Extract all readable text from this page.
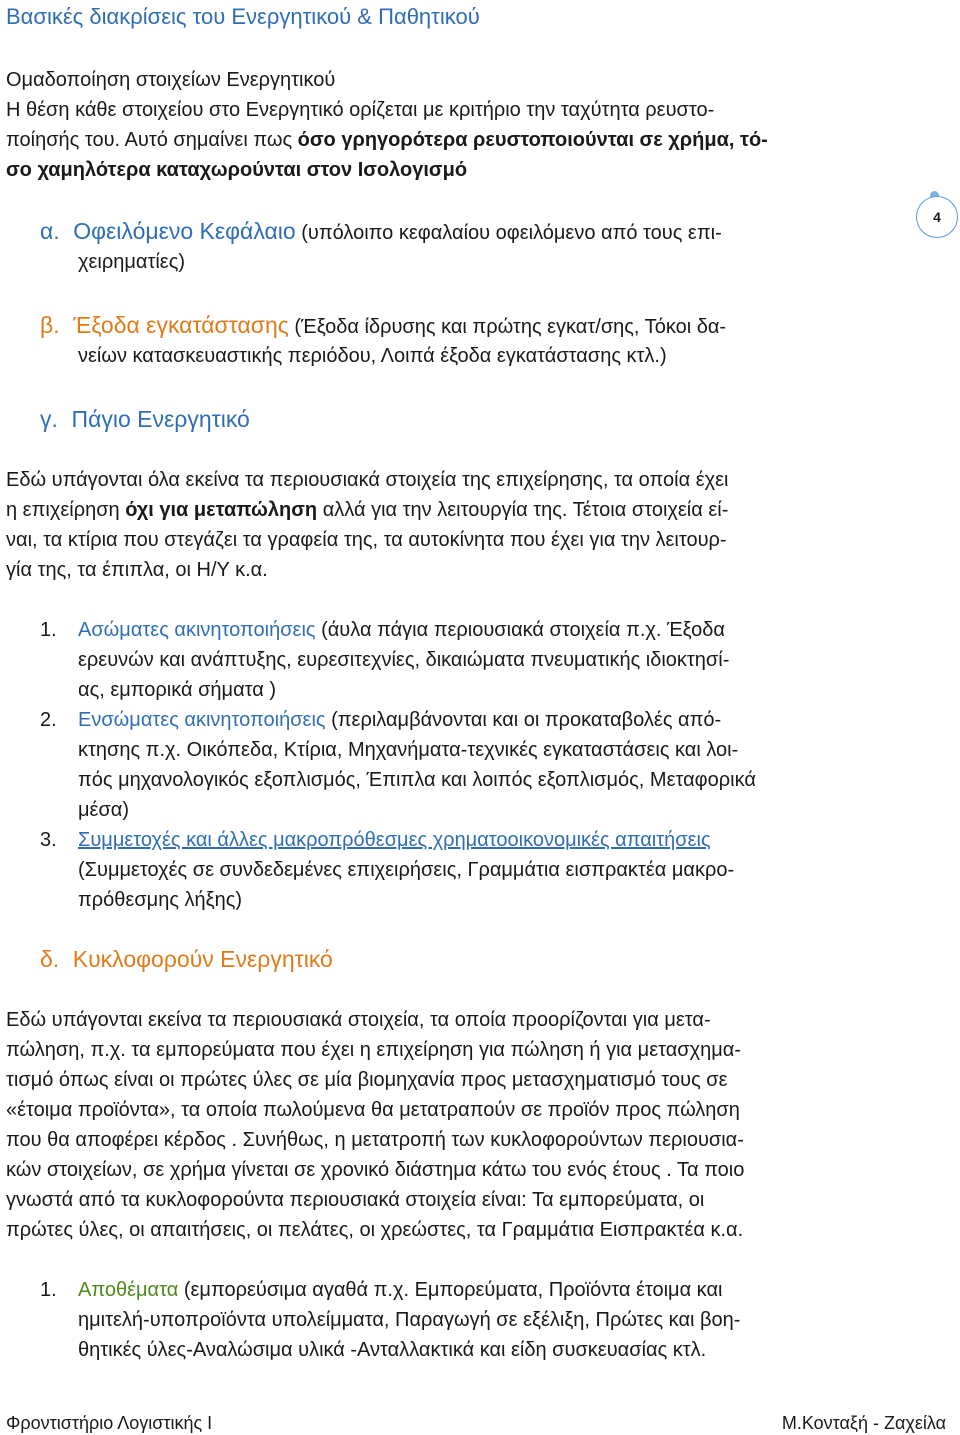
Βασικές διακρίσεις του Ενεργητικού & Παθητικού
4
Ομαδοποίηση στοιχείων Ενεργητικού
Η θέση κάθε στοιχείου στο Ενεργητικό ορίζεται με κριτήριο την ταχύτητα ρευστο-
ποίησής του. Αυτό σημαίνει πως όσο γρηγορότερα ρευστοποιούνται σε χρήμα, τό-
σο χαμηλότερα καταχωρούνται στον Ισολογισμό
α. Οφειλόμενο Κεφάλαιο (υπόλοιπο κεφαλαίου οφειλόμενο από τους επι-
χειρηματίες)
β. Έξοδα εγκατάστασης (Έξοδα ίδρυσης και πρώτης εγκατ/σης, Τόκοι δα-
νείων κατασκευαστικής περιόδου, Λοιπά έξοδα εγκατάστασης κτλ.)
γ. Πάγιο Ενεργητικό
Εδώ υπάγονται όλα εκείνα τα περιουσιακά στοιχεία της επιχείρησης, τα οποία έχει
η επιχείρηση όχι για μεταπώληση αλλά για την λειτουργία της. Τέτοια στοιχεία εί-
ναι, τα κτίρια που στεγάζει τα γραφεία της, τα αυτοκίνητα που έχει για την λειτουρ-
γία της, τα έπιπλα, οι Η/Υ κ.α.
1. Ασώματες ακινητοποιήσεις (άυλα πάγια περιουσιακά στοιχεία π.χ. Έξοδα
ερευνών και ανάπτυξης, ευρεσιτεχνίες, δικαιώματα πνευματικής ιδιοκτησί-
ας, εμπορικά σήματα )
2. Ενσώματες ακινητοποιήσεις (περιλαμβάνονται και οι προκαταβολές από-
κτησης π.χ. Οικόπεδα, Κτίρια, Μηχανήματα-τεχνικές εγκαταστάσεις και λοι-
πός μηχανολογικός εξοπλισμός, Έπιπλα και λοιπός εξοπλισμός, Μεταφορικά
μέσα)
3. Συμμετοχές και άλλες μακροπρόθεσμες χρηματοοικονομικές απαιτήσεις
(Συμμετοχές σε συνδεδεμένες επιχειρήσεις, Γραμμάτια εισπρακτέα μακρο-
πρόθεσμης λήξης)
δ. Κυκλοφορούν Ενεργητικό
Εδώ υπάγονται εκείνα τα περιουσιακά στοιχεία, τα οποία προορίζονται για μετα-
πώληση, π.χ. τα εμπορεύματα που έχει η επιχείρηση για πώληση ή για μετασχημα-
τισμό όπως είναι οι πρώτες ύλες σε μία βιομηχανία προς μετασχηματισμό τους σε
«έτοιμα προϊόντα», τα οποία πωλούμενα θα μετατραπούν σε προϊόν προς πώληση
που θα αποφέρει κέρδος . Συνήθως, η μετατροπή των κυκλοφορούντων περιουσια-
κών στοιχείων, σε χρήμα γίνεται σε χρονικό διάστημα κάτω του ενός έτους . Τα ποιο
γνωστά από τα κυκλοφορούντα περιουσιακά στοιχεία είναι: Τα εμπορεύματα, οι
πρώτες ύλες, οι απαιτήσεις, οι πελάτες, οι χρεώστες, τα Γραμμάτια Εισπρακτέα κ.α.
1. Αποθέματα (εμπορεύσιμα αγαθά π.χ. Εμπορεύματα, Προϊόντα έτοιμα και
ημιτελή-υποπροϊόντα υπολείμματα, Παραγωγή σε εξέλιξη, Πρώτες και βοη-
θητικές ύλες-Αναλώσιμα υλικά -Ανταλλακτικά και είδη συσκευασίας κτλ.
Φροντιστήριο Λογιστικής Ι	Μ.Κονταξή - Ζαχείλα
